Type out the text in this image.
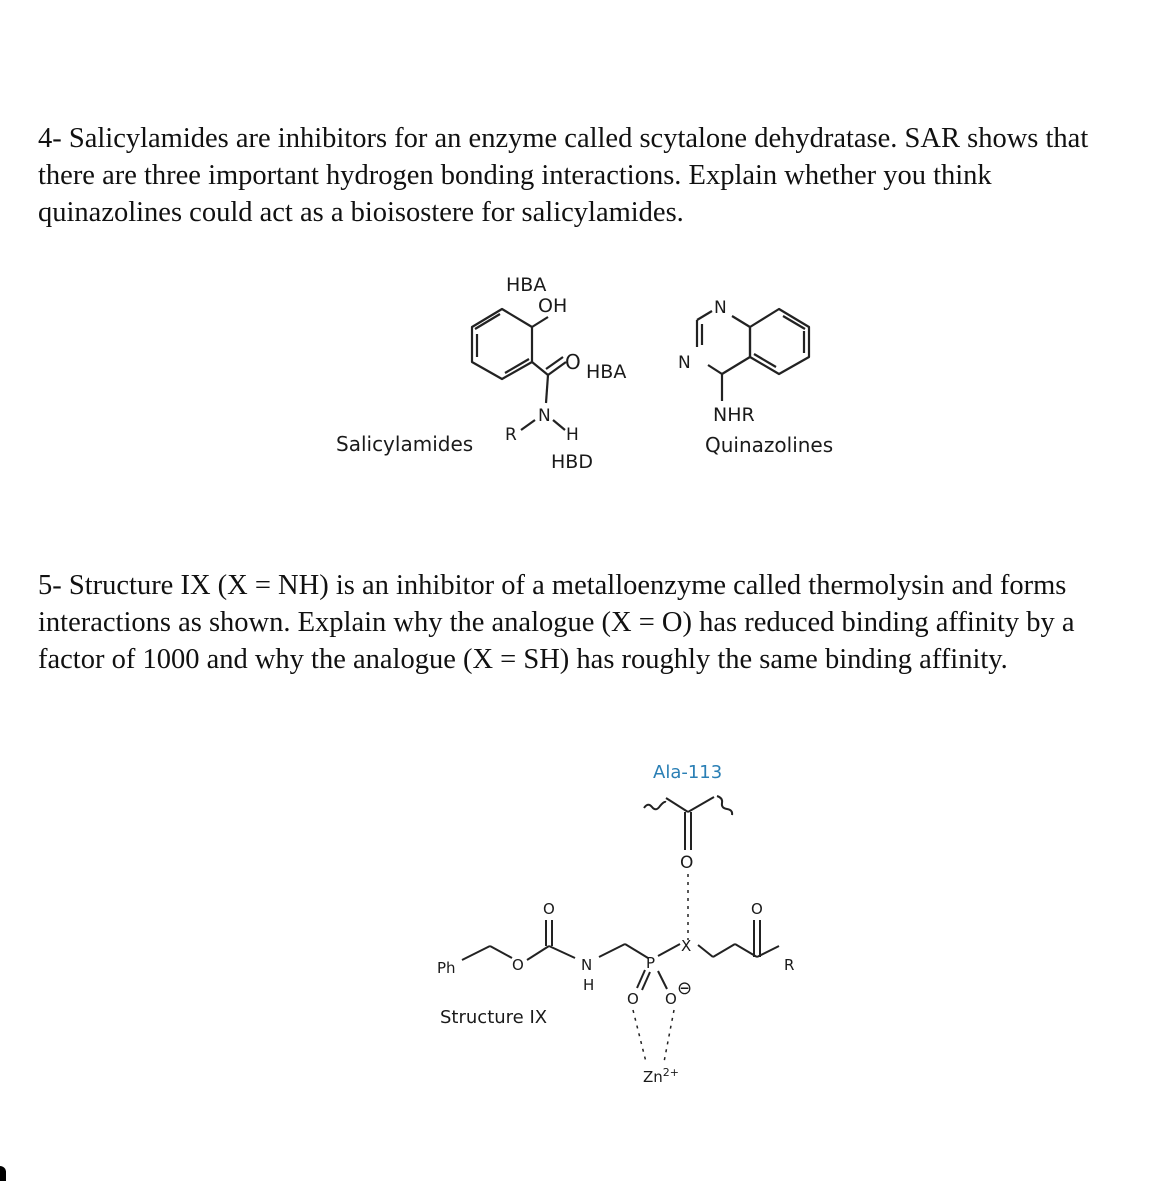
4- Salicylamides are inhibitors for an enzyme called scytalone dehydratase. SAR shows that
there are three important hydrogen bonding interactions. Explain whether you think
quinazolines could act as a bioisostere for salicylamides.

5- Structure IX (X = NH) is an inhibitor of a metalloenzyme called thermolysin and forms
interactions as shown. Explain why the analogue (X = O) has reduced binding affinity by a
factor of 1000 and why the analogue (X = SH) has roughly the same binding affinity.

HBA
OH
O HBA
N
R	H
HBD
Salicylamides
N
N
NHR
Quinazolines
Ala-113
O
Ph	O
O
N
H
P
X
O
R
O O ⊖
$Zn^{2+}$
Structure IX
